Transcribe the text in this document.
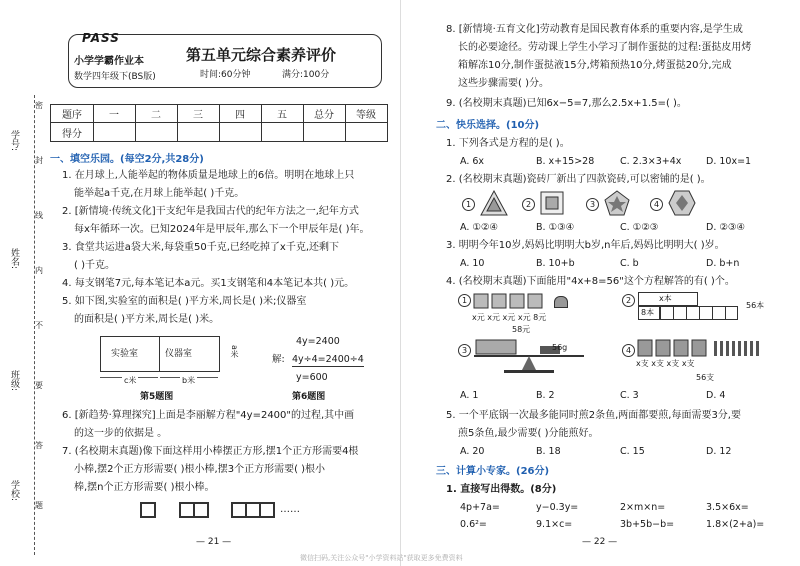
学号:
姓名:
班级:
学校:
密
封
线
内
不
要
答
题
PASS
小学学霸作业本
数学四年级下(BS版)
第五单元综合素养评价
时间:60分钟	满分:100分
题序	一	二	三	四	五	总分	等级
得分
一、填空乐园。(每空2分,共28分)
1. 在月球上,人能举起的物体质量是地球上的6倍。明明在地球上只
能举起a千克,在月球上能举起( )千克。
2. [新情境·传统文化]干支纪年是我国古代的纪年方法之一,纪年方式
每x年循环一次。已知2024年是甲辰年,那么下一个甲辰年是( )年。
3. 食堂共运进a袋大米,每袋重50千克,已经吃掉了x千克,还剩下
( )千克。
4. 每支钢笔7元,每本笔记本a元。买1支钢笔和4本笔记本共( )元。
5. 如下图,实验室的面积是( )平方米,周长是( )米;仪器室
的面积是( )平方米,周长是( )米。
实验室	仪器室	a米
c米	b米
第5题图
4y=2400
解: 4y÷4=2400÷4
y=600
第6题图
6. [新趋势·算理探究]上面是李丽解方程"4y=2400"的过程,其中画
的这一步的依据是 。
7. (名校期末真题)像下面这样用小棒摆正方形,摆1个正方形需要4根
小棒,摆2个正方形需要( )根小棒,摆3个正方形需要( )根小
棒,摆n个正方形需要( )根小棒。
……
— 21 —
8. [新情境·五育文化]劳动教育是国民教育体系的重要内容,是学生成
长的必要途径。劳动课上学生小学习了制作蛋挞的过程:蛋挞皮用烤
箱解冻10分,制作蛋挞液15分,烤箱预热10分,烤蛋挞20分,完成
这些步骤需要( )分。
9. (名校期末真题)已知6x−5=7,那么2.5x+1.5=( )。
二、快乐选择。(10分)
1. 下列各式是方程的是( )。
A. 6x	B. x+15>28	C. 2.3×3+4x	D. 10x=1
2. (名校期末真题)瓷砖厂新出了四款瓷砖,可以密铺的是( )。
1	2	3	4
A. ①②④	B. ①③④	C. ①②③	D. ②③④
3. 明明今年10岁,妈妈比明明大b岁,n年后,妈妈比明明大( )岁。
A. 10	B. 10+b	C. b	D. b+n
4. (名校期末真题)下面能用"4x+8=56"这个方程解答的有( )个。
1
x元 x元 x元 x元 8元
58元
2	x本
8本
56本
3	56g	4
x支 x支 x支 x支
56支
A. 1	B. 2	C. 3	D. 4
5. 一个平底锅一次最多能同时煎2条鱼,两面都要煎,每面需要3分,要
煎5条鱼,最少需要( )分能煎好。
A. 20	B. 18	C. 15	D. 12
三、计算小专家。(26分)
1. 直接写出得数。(8分)
4p+7a=	y−0.3y=	2×m×n=	3.5×6x=
0.6²=	9.1×c=	3b+5b−b=	1.8×(2+a)=
— 22 —
微信扫码,关注公众号"小学资料站"获取更多免费资料
